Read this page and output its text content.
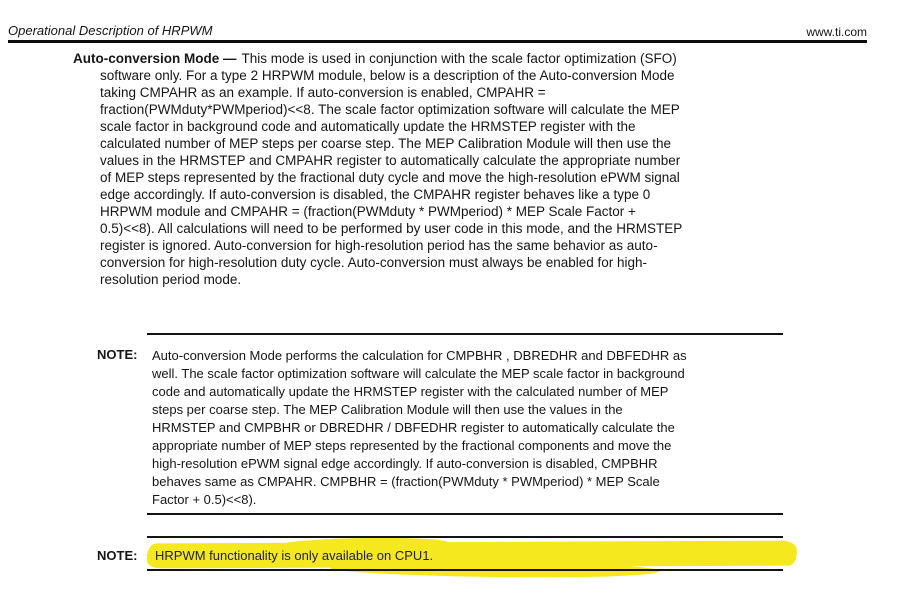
Operational Description of HRPWM	www.ti.com
Auto-conversion Mode — This mode is used in conjunction with the scale factor optimization (SFO)
software only. For a type 2 HRPWM module, below is a description of the Auto-conversion Mode
taking CMPAHR as an example. If auto-conversion is enabled, CMPAHR =
fraction(PWMduty*PWMperiod)<<8. The scale factor optimization software will calculate the MEP
scale factor in background code and automatically update the HRMSTEP register with the
calculated number of MEP steps per coarse step. The MEP Calibration Module will then use the
values in the HRMSTEP and CMPAHR register to automatically calculate the appropriate number
of MEP steps represented by the fractional duty cycle and move the high-resolution ePWM signal
edge accordingly. If auto-conversion is disabled, the CMPAHR register behaves like a type 0
HRPWM module and CMPAHR = (fraction(PWMduty * PWMperiod) * MEP Scale Factor +
0.5)<<8). All calculations will need to be performed by user code in this mode, and the HRMSTEP
register is ignored. Auto-conversion for high-resolution period has the same behavior as auto-
conversion for high-resolution duty cycle. Auto-conversion must always be enabled for high-
resolution period mode.
NOTE: Auto-conversion Mode performs the calculation for CMPBHR , DBREDHR and DBFEDHR as
well. The scale factor optimization software will calculate the MEP scale factor in background
code and automatically update the HRMSTEP register with the calculated number of MEP
steps per coarse step. The MEP Calibration Module will then use the values in the
HRMSTEP and CMPBHR or DBREDHR / DBFEDHR register to automatically calculate the
appropriate number of MEP steps represented by the fractional components and move the
high-resolution ePWM signal edge accordingly. If auto-conversion is disabled, CMPBHR
behaves same as CMPAHR. CMPBHR = (fraction(PWMduty * PWMperiod) * MEP Scale
Factor + 0.5)<<8).
NOTE: HRPWM functionality is only available on CPU1.
